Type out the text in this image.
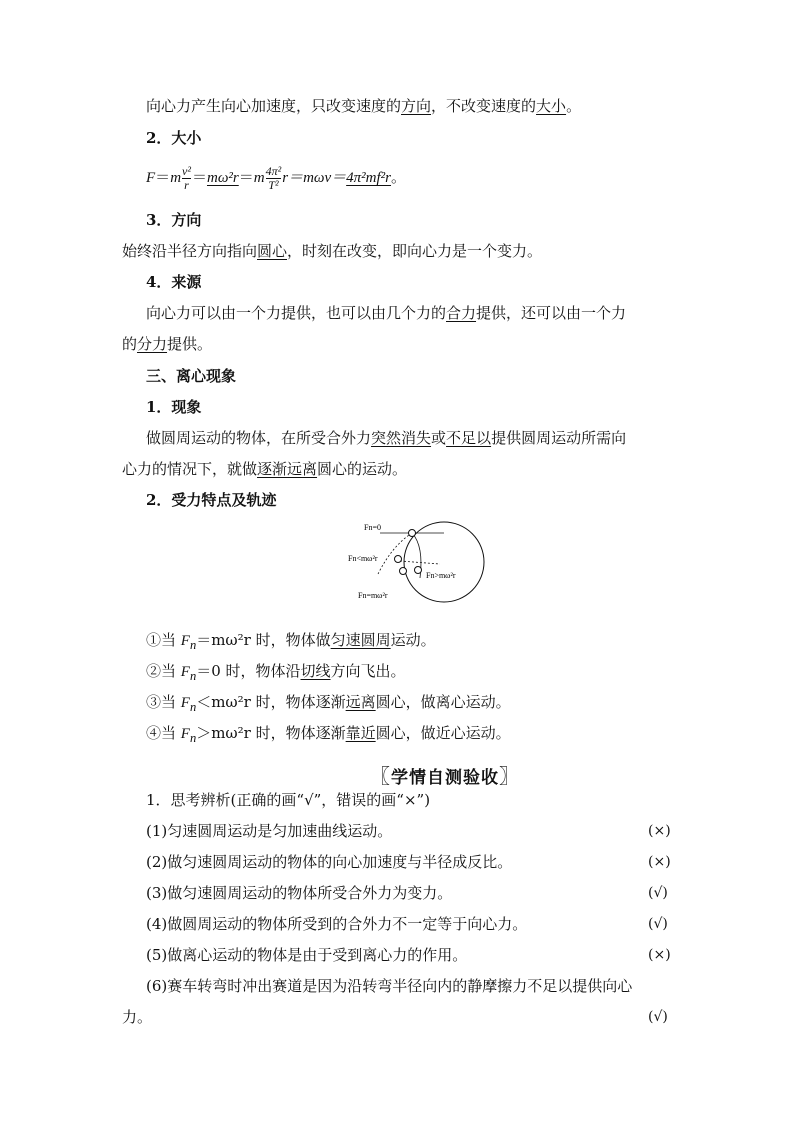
向心力产生向心加速度，只改变速度的方向，不改变速度的大小。
2．大小
$F=m \frac{\text{v²}}{r} =m\omega^2r=m \frac{\text{4π²}}{\text{T²}} r=m\omega v=4\pi^2mf^2r$。
3．方向
始终沿半径方向指向圆心，时刻在改变，即向心力是一个变力。
4．来源
向心力可以由一个力提供，也可以由几个力的合力提供，还可以由一个力
的分力提供。
三、离心现象
1．现象
做圆周运动的物体，在所受合外力突然消失或不足以提供圆周运动所需向
心力的情况下，就做逐渐远离圆心的运动。
2．受力特点及轨迹
Fn=0
Fn<mω²r
Fn>mω²r
Fn=mω²r
①当 $F_n=m\omega^2r$ 时，物体做匀速圆周运动。
②当 $F_n=0$ 时，物体沿切线方向飞出。
③当 $F_n<m\omega^2r$ 时，物体逐渐远离圆心，做离心运动。
④当 $F_n>m\omega^2r$ 时，物体逐渐靠近圆心，做近心运动。
〖学情自测验收〗
1．思考辨析(正确的画“√”，错误的画“×”)
(1)匀速圆周运动是匀加速曲线运动。	(×)
(2)做匀速圆周运动的物体的向心加速度与半径成反比。	(×)
(3)做匀速圆周运动的物体所受合外力为变力。	(√)
(4)做圆周运动的物体所受到的合外力不一定等于向心力。	(√)
(5)做离心运动的物体是由于受到离心力的作用。	(×)
(6)赛车转弯时冲出赛道是因为沿转弯半径向内的静摩擦力不足以提供向心
力。	(√)
